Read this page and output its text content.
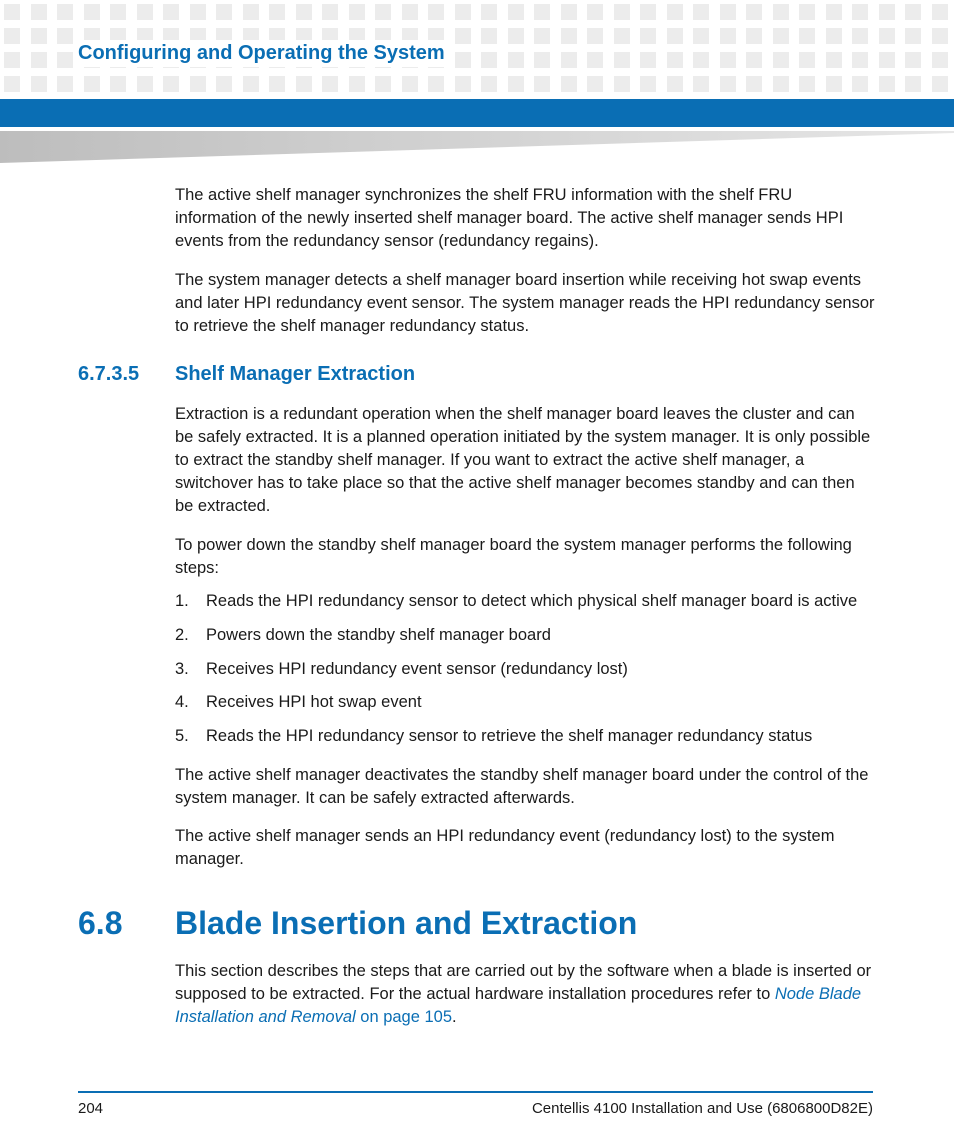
Configuring and Operating the System

The active shelf manager synchronizes the shelf FRU information with the shelf FRU information of the newly inserted shelf manager board. The active shelf manager sends HPI events from the redundancy sensor (redundancy regains).

The system manager detects a shelf manager board insertion while receiving hot swap events and later HPI redundancy event sensor. The system manager reads the HPI redundancy sensor to retrieve the shelf manager redundancy status.

6.7.3.5 Shelf Manager Extraction

Extraction is a redundant operation when the shelf manager board leaves the cluster and can be safely extracted. It is a planned operation initiated by the system manager. It is only possible to extract the standby shelf manager. If you want to extract the active shelf manager, a switchover has to take place so that the active shelf manager becomes standby and can then be extracted.

To power down the standby shelf manager board the system manager performs the following steps:

1. Reads the HPI redundancy sensor to detect which physical shelf manager board is active
2. Powers down the standby shelf manager board
3. Receives HPI redundancy event sensor (redundancy lost)
4. Receives HPI hot swap event
5. Reads the HPI redundancy sensor to retrieve the shelf manager redundancy status

The active shelf manager deactivates the standby shelf manager board under the control of the system manager. It can be safely extracted afterwards.

The active shelf manager sends an HPI redundancy event (redundancy lost) to the system manager.

6.8 Blade Insertion and Extraction

This section describes the steps that are carried out by the software when a blade is inserted or supposed to be extracted. For the actual hardware installation procedures refer to Node Blade Installation and Removal on page 105.

204	Centellis 4100 Installation and Use (6806800D82E)
